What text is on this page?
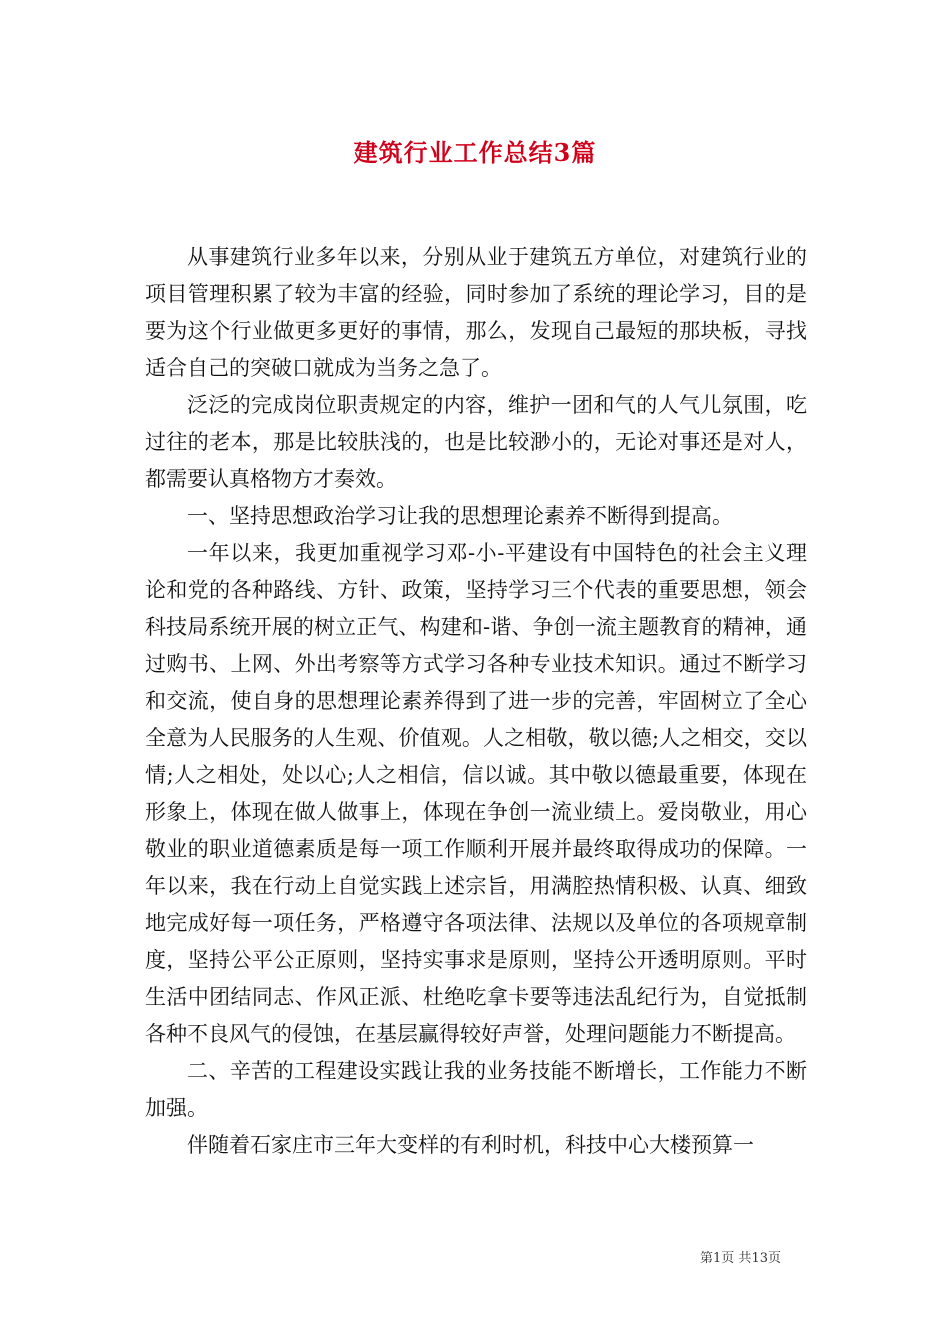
建筑行业工作总结3篇

从事建筑行业多年以来，分别从业于建筑五方单位，对建筑行业的项目管理积累了较为丰富的经验，同时参加了系统的理论学习，目的是要为这个行业做更多更好的事情，那么，发现自己最短的那块板，寻找适合自己的突破口就成为当务之急了。

泛泛的完成岗位职责规定的内容，维护一团和气的人气儿氛围，吃过往的老本，那是比较肤浅的，也是比较渺小的，无论对事还是对人，都需要认真格物方才奏效。

一、坚持思想政治学习让我的思想理论素养不断得到提高。

一年以来，我更加重视学习邓-小-平建设有中国特色的社会主义理论和党的各种路线、方针、政策，坚持学习三个代表的重要思想，领会科技局系统开展的树立正气、构建和-谐、争创一流主题教育的精神，通过购书、上网、外出考察等方式学习各种专业技术知识。通过不断学习和交流，使自身的思想理论素养得到了进一步的完善，牢固树立了全心全意为人民服务的人生观、价值观。人之相敬，敬以德;人之相交，交以情;人之相处，处以心;人之相信，信以诚。其中敬以德最重要，体现在形象上，体现在做人做事上，体现在争创一流业绩上。爱岗敬业，用心敬业的职业道德素质是每一项工作顺利开展并最终取得成功的保障。一年以来，我在行动上自觉实践上述宗旨，用满腔热情积极、认真、细致地完成好每一项任务，严格遵守各项法律、法规以及单位的各项规章制度，坚持公平公正原则，坚持实事求是原则，坚持公开透明原则。平时生活中团结同志、作风正派、杜绝吃拿卡要等违法乱纪行为，自觉抵制各种不良风气的侵蚀，在基层赢得较好声誉，处理问题能力不断提高。

二、辛苦的工程建设实践让我的业务技能不断增长，工作能力不断加强。

伴随着石家庄市三年大变样的有利时机，科技中心大楼预算一

第1页 共13页
